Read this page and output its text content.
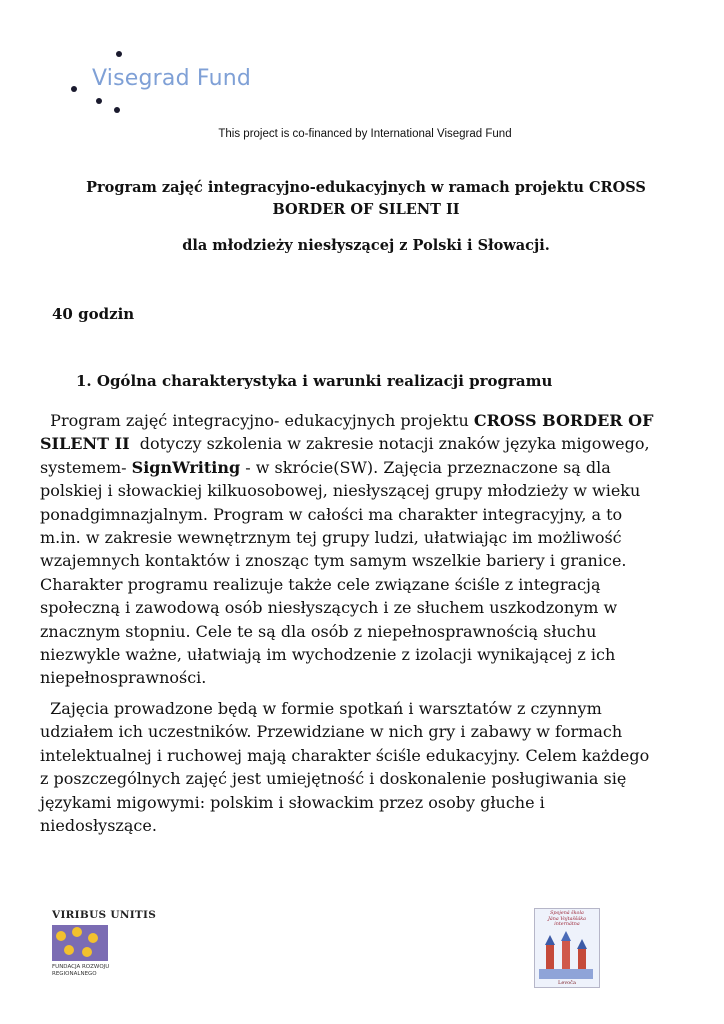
Visegrad Fund
This project is co-financed by International Visegrad Fund
Program zajęć integracyjno-edukacyjnych w ramach projektu CROSS
BORDER OF SILENT II
dla młodzieży niesłyszącej z Polski i Słowacji.
40 godzin
1. Ogólna charakterystyka i warunki realizacji programu
Program zajęć integracyjno- edukacyjnych projektu CROSS BORDER OF
SILENT II  dotyczy szkolenia w zakresie notacji znaków języka migowego,
systemem- SignWriting - w skrócie(SW). Zajęcia przeznaczone są dla
polskiej i słowackiej kilkuosobowej, niesłyszącej grupy młodzieży w wieku
ponadgimnazjalnym. Program w całości ma charakter integracyjny, a to
m.in. w zakresie wewnętrznym tej grupy ludzi, ułatwiając im możliwość
wzajemnych kontaktów i znosząc tym samym wszelkie bariery i granice.
Charakter programu realizuje także cele związane ściśle z integracją
społeczną i zawodową osób niesłyszących i ze słuchem uszkodzonym w
znacznym stopniu. Cele te są dla osób z niepełnosprawnością słuchu
niezwykle ważne, ułatwiają im wychodzenie z izolacji wynikającej z ich
niepełnosprawności.
Zajęcia prowadzone będą w formie spotkań i warsztatów z czynnym
udziałem ich uczestników. Przewidziane w nich gry i zabawy w formach
intelektualnej i ruchowej mają charakter ściśle edukacyjny. Celem każdego
z poszczególnych zajęć jest umiejętność i doskonalenie posługiwania się
językami migowymi: polskim i słowackim przez osoby głuche i
niedosłyszące.
VIRIBUS UNITIS
FUNDACJA ROZWOJU
REGIONALNEGO
Spojená škola
Jána Vojtaššáka internátna
Levoča
